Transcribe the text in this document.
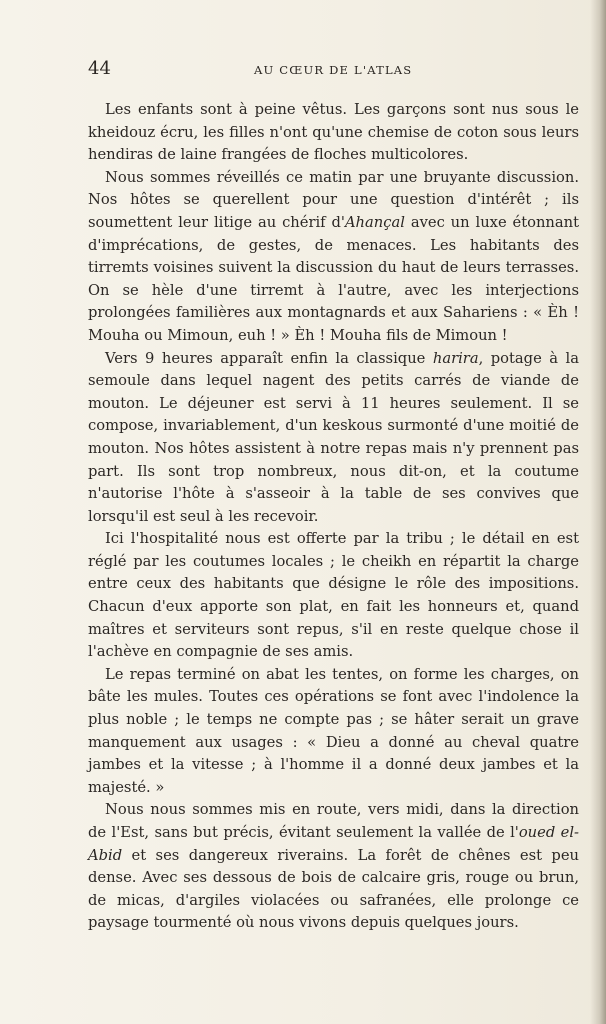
44	AU CŒUR DE L'ATLAS

Les enfants sont à peine vêtus. Les garçons sont nus sous le kheidouz écru, les filles n'ont qu'une chemise de coton sous leurs hendiras de laine frangées de floches multicolores.

Nous sommes réveillés ce matin par une bruyante discussion. Nos hôtes se querellent pour une question d'intérêt ; ils soumettent leur litige au chérif d'Ahançal avec un luxe étonnant d'imprécations, de gestes, de menaces. Les habitants des tirremts voisines suivent la discussion du haut de leurs terrasses. On se hèle d'une tirremt à l'autre, avec les interjections prolongées familières aux montagnards et aux Sahariens : « Èh ! Mouha ou Mimoun, euh ! » Èh ! Mouha fils de Mimoun !

Vers 9 heures apparaît enfin la classique harira, potage à la semoule dans lequel nagent des petits carrés de viande de mouton. Le déjeuner est servi à 11 heures seulement. Il se compose, invariablement, d'un keskous surmonté d'une moitié de mouton. Nos hôtes assistent à notre repas mais n'y prennent pas part. Ils sont trop nombreux, nous dit-on, et la coutume n'autorise l'hôte à s'asseoir à la table de ses convives que lorsqu'il est seul à les recevoir.

Ici l'hospitalité nous est offerte par la tribu ; le détail en est réglé par les coutumes locales ; le cheikh en répartit la charge entre ceux des habitants que désigne le rôle des impositions. Chacun d'eux apporte son plat, en fait les honneurs et, quand maîtres et serviteurs sont repus, s'il en reste quelque chose il l'achève en compagnie de ses amis.

Le repas terminé on abat les tentes, on forme les charges, on bâte les mules. Toutes ces opérations se font avec l'indolence la plus noble ; le temps ne compte pas ; se hâter serait un grave manquement aux usages : « Dieu a donné au cheval quatre jambes et la vitesse ; à l'homme il a donné deux jambes et la majesté. »

Nous nous sommes mis en route, vers midi, dans la direction de l'Est, sans but précis, évitant seulement la vallée de l'oued el-Abid et ses dangereux riverains. La forêt de chênes est peu dense. Avec ses dessous de bois de calcaire gris, rouge ou brun, de micas, d'argiles violacées ou safranées, elle prolonge ce paysage tourmenté où nous vivons depuis quelques jours.
